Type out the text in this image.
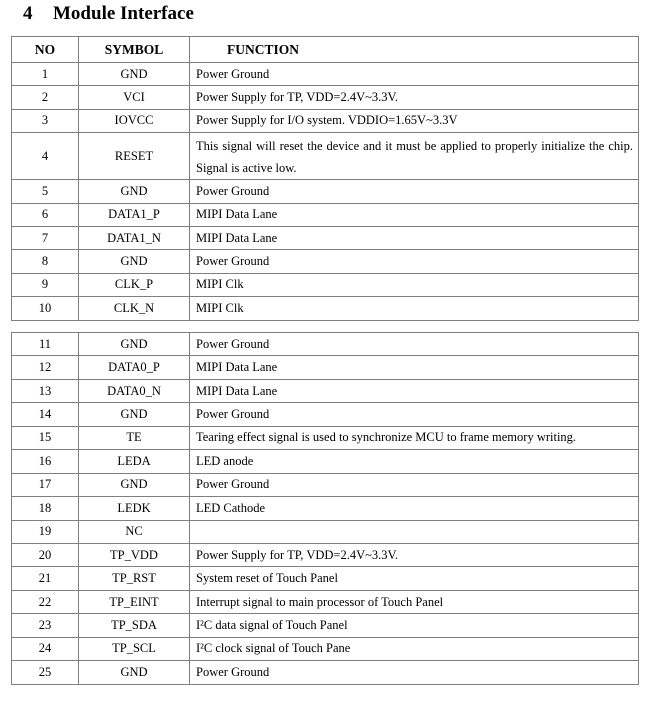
4 Module Interface
NO	SYMBOL	FUNCTION
1	GND	Power Ground
2	VCI	Power Supply for TP, VDD=2.4V~3.3V.
3	IOVCC	Power Supply for I/O system. VDDIO=1.65V~3.3V
4	RESET	This signal will reset the device and it must be applied to properly initialize the chip. Signal is active low.
5	GND	Power Ground
6	DATA1_P	MIPI Data Lane
7	DATA1_N	MIPI Data Lane
8	GND	Power Ground
9	CLK_P	MIPI Clk
10	CLK_N	MIPI Clk
11	GND	Power Ground
12	DATA0_P	MIPI Data Lane
13	DATA0_N	MIPI Data Lane
14	GND	Power Ground
15	TE	Tearing effect signal is used to synchronize MCU to frame memory writing.
16	LEDA	LED anode
17	GND	Power Ground
18	LEDK	LED Cathode
19	NC	
20	TP_VDD	Power Supply for TP, VDD=2.4V~3.3V.
21	TP_RST	System reset of Touch Panel
22	TP_EINT	Interrupt signal to main processor of Touch Panel
23	TP_SDA	I²C data signal of Touch Panel
24	TP_SCL	I²C clock signal of Touch Pane
25	GND	Power Ground
